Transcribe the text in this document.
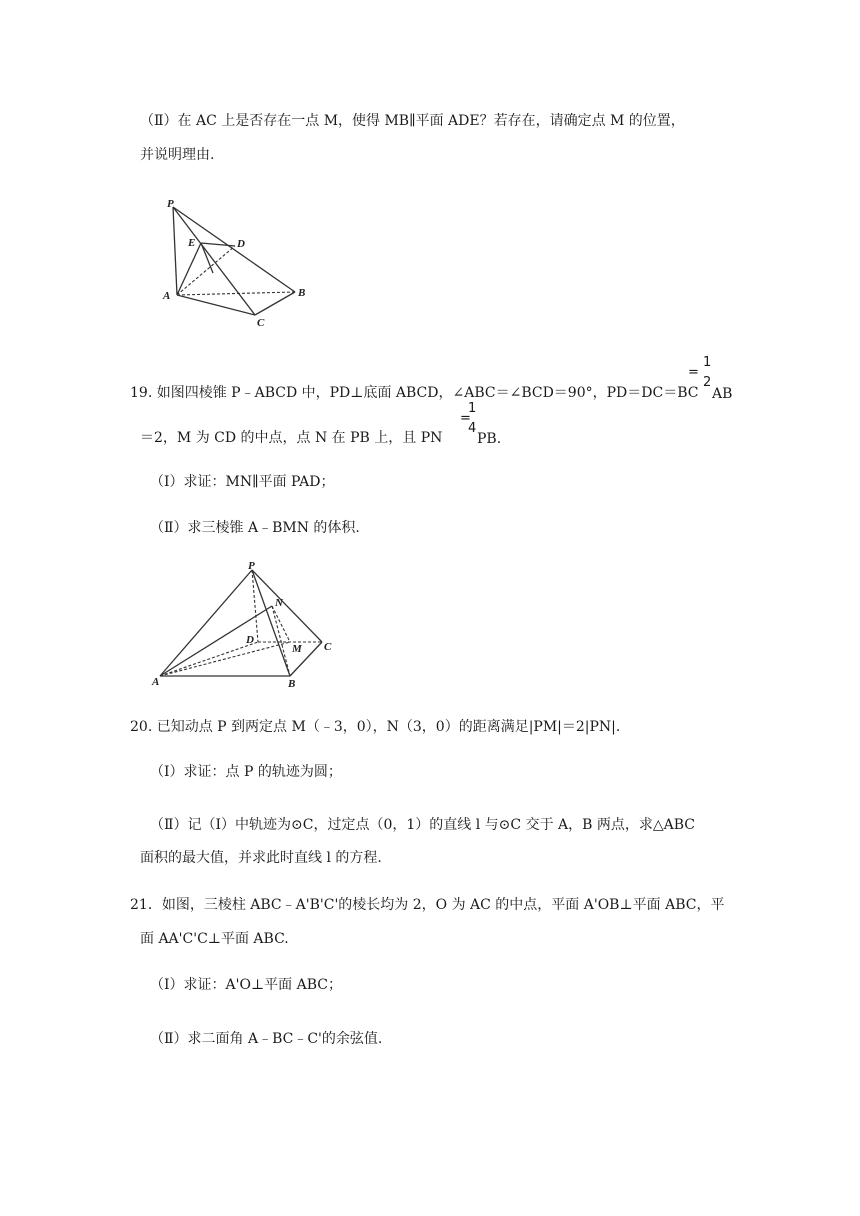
（Ⅱ）在 AC 上是否存在一点 M，使得 MB∥平面 ADE？若存在，请确定点 M 的位置，
并说明理由.
P
E	D
A	B
C
19. 如图四棱锥 P﹣ABCD 中，PD⊥底面 ABCD，∠ABC＝∠BCD＝90°，PD＝DC＝BC
=
1
2
AB
＝2，M 为 CD 的中点，点 N 在 PB 上，且 PN
=
1
4
PB.
（Ⅰ）求证：MN∥平面 PAD；
（Ⅱ）求三棱锥 A﹣BMN 的体积.
P
N
D
M C
A	B
20. 已知动点 P 到两定点 M（﹣3，0），N（3，0）的距离满足|PM|＝2|PN|.
（Ⅰ）求证：点 P 的轨迹为圆；
（Ⅱ）记（Ⅰ）中轨迹为⊙C，过定点（0，1）的直线 l 与⊙C 交于 A，B 两点，求△ABC
面积的最大值，并求此时直线 l 的方程.
21．如图，三棱柱 ABC﹣A'B'C'的棱长均为 2，O 为 AC 的中点，平面 A'OB⊥平面 ABC，平
面 AA'C'C⊥平面 ABC.
（Ⅰ）求证：A'O⊥平面 ABC；
（Ⅱ）求二面角 A﹣BC﹣C'的余弦值.
